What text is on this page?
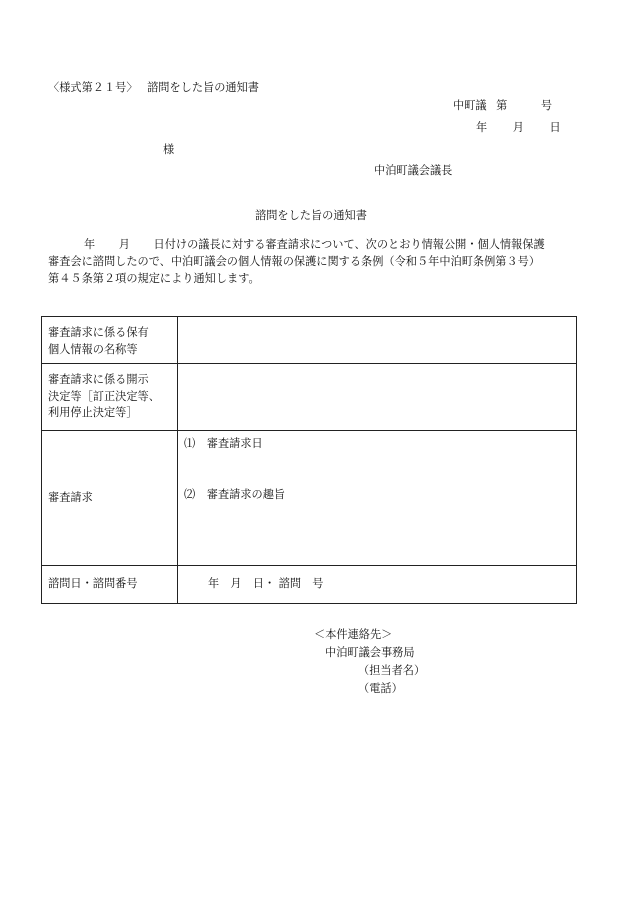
〈様式第２１号〉 諮問をした旨の通知書
中町議 第	号
年 月 日
様
中泊町議会議長
諮問をした旨の通知書
年 月 日付けの議長に対する審査請求について、次のとおり情報公開・個人情報保護
審査会に諮問したので、中泊町議会の個人情報の保護に関する条例（令和５年中泊町条例第３号）
第４５条第２項の規定により通知します。
審査請求に係る保有
個人情報の名称等	

審査請求に係る開示
決定等［訂正決定等、
利用停止決定等］	

審査請求	⑴ 審査請求日
⑵ 審査請求の趣旨

諮問日・諮問番号	年　月　日・ 諮問　号
＜本件連絡先＞
中泊町議会事務局
（担当者名）
（電話）
